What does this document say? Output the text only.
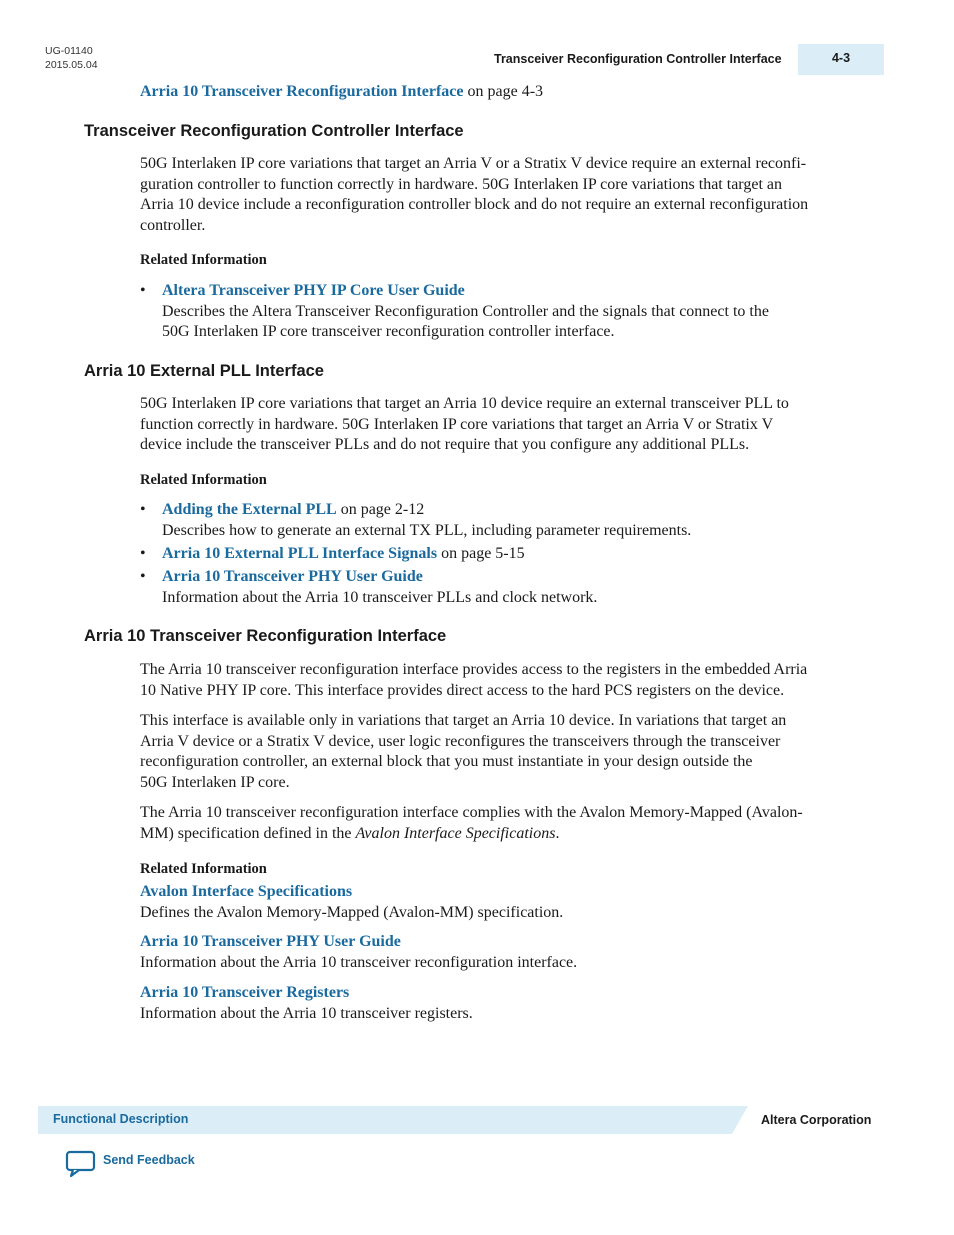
UG-01140
2015.05.04	Transceiver Reconfiguration Controller Interface	4-3

Arria 10 Transceiver Reconfiguration Interface on page 4-3

Transceiver Reconfiguration Controller Interface

50G Interlaken IP core variations that target an Arria V or a Stratix V device require an external reconfi-
guration controller to function correctly in hardware. 50G Interlaken IP core variations that target an
Arria 10 device include a reconfiguration controller block and do not require an external reconfiguration
controller.

Related Information

• Altera Transceiver PHY IP Core User Guide
Describes the Altera Transceiver Reconfiguration Controller and the signals that connect to the
50G Interlaken IP core transceiver reconfiguration controller interface.
Arria 10 External PLL Interface

50G Interlaken IP core variations that target an Arria 10 device require an external transceiver PLL to
function correctly in hardware. 50G Interlaken IP core variations that target an Arria V or Stratix V
device include the transceiver PLLs and do not require that you configure any additional PLLs.

Related Information

• Adding the External PLL on page 2-12
Describes how to generate an external TX PLL, including parameter requirements.
• Arria 10 External PLL Interface Signals on page 5-15
• Arria 10 Transceiver PHY User Guide
Information about the Arria 10 transceiver PLLs and clock network.
Arria 10 Transceiver Reconfiguration Interface

The Arria 10 transceiver reconfiguration interface provides access to the registers in the embedded Arria
10 Native PHY IP core. This interface provides direct access to the hard PCS registers on the device.

This interface is available only in variations that target an Arria 10 device. In variations that target an
Arria V device or a Stratix V device, user logic reconfigures the transceivers through the transceiver
reconfiguration controller, an external block that you must instantiate in your design outside the
50G Interlaken IP core.

The Arria 10 transceiver reconfiguration interface complies with the Avalon Memory-Mapped (Avalon-
MM) specification defined in the Avalon Interface Specifications.

Related Information

Avalon Interface Specifications
Defines the Avalon Memory-Mapped (Avalon-MM) specification.

Arria 10 Transceiver PHY User Guide
Information about the Arria 10 transceiver reconfiguration interface.

Arria 10 Transceiver Registers
Information about the Arria 10 transceiver registers.

Functional Description	Altera Corporation
Send Feedback
